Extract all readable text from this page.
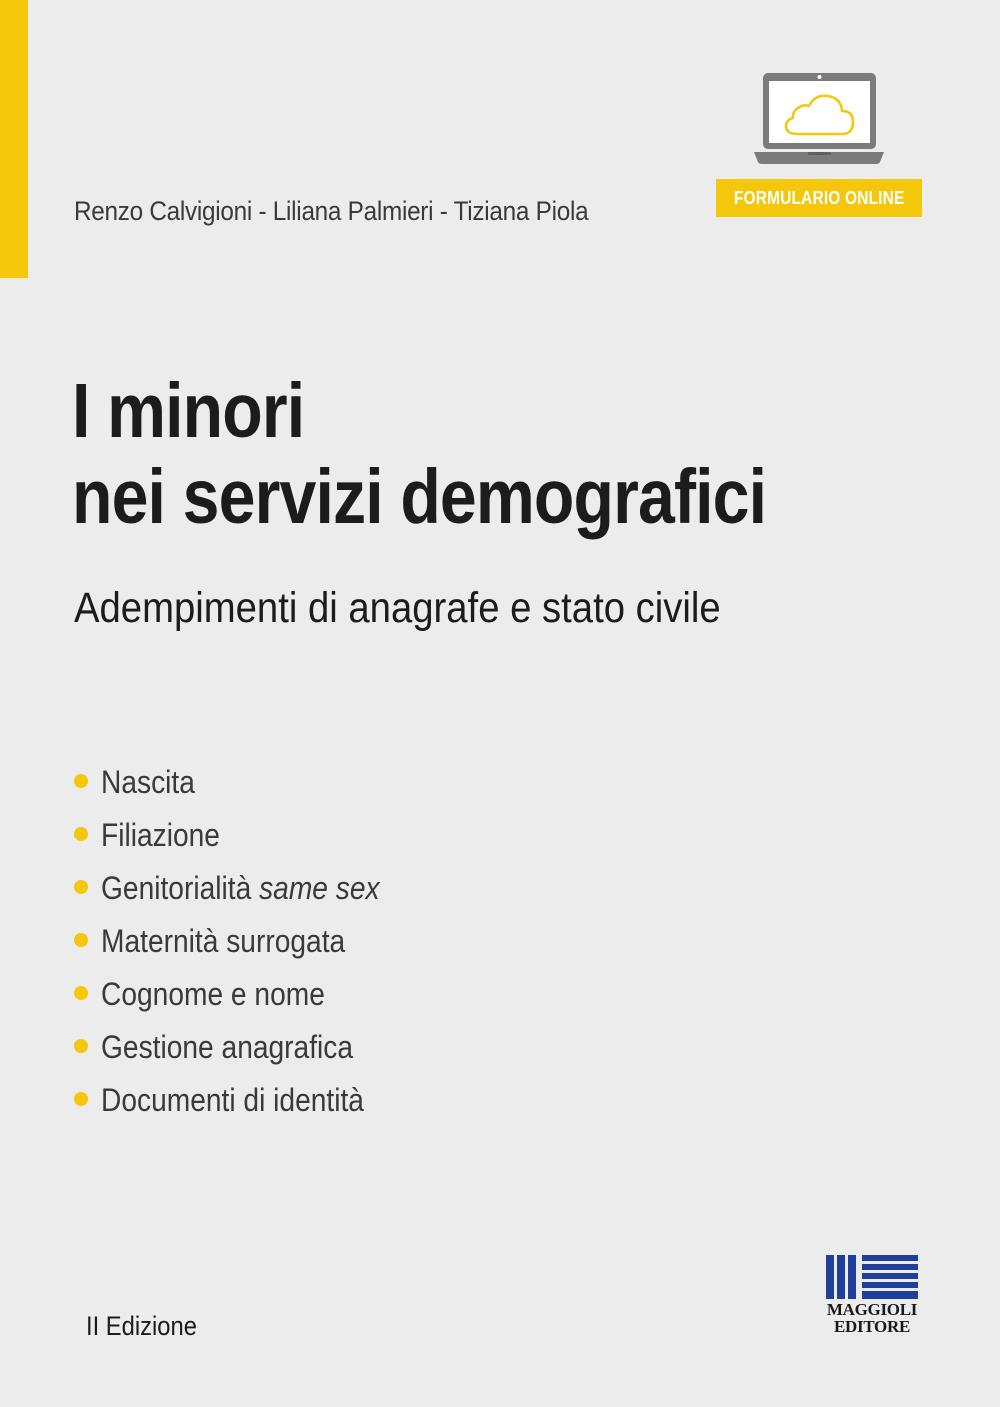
Renzo Calvigioni - Liliana Palmieri - Tiziana Piola	FORMULARIO ONLINE
I minori
nei servizi demografici
Adempimenti di anagrafe e stato civile
Nascita
Filiazione
Genitorialità same sex
Maternità surrogata
Cognome e nome
Gestione anagrafica
Documenti di identità
II Edizione
MAGGIOLI
EDITORE
